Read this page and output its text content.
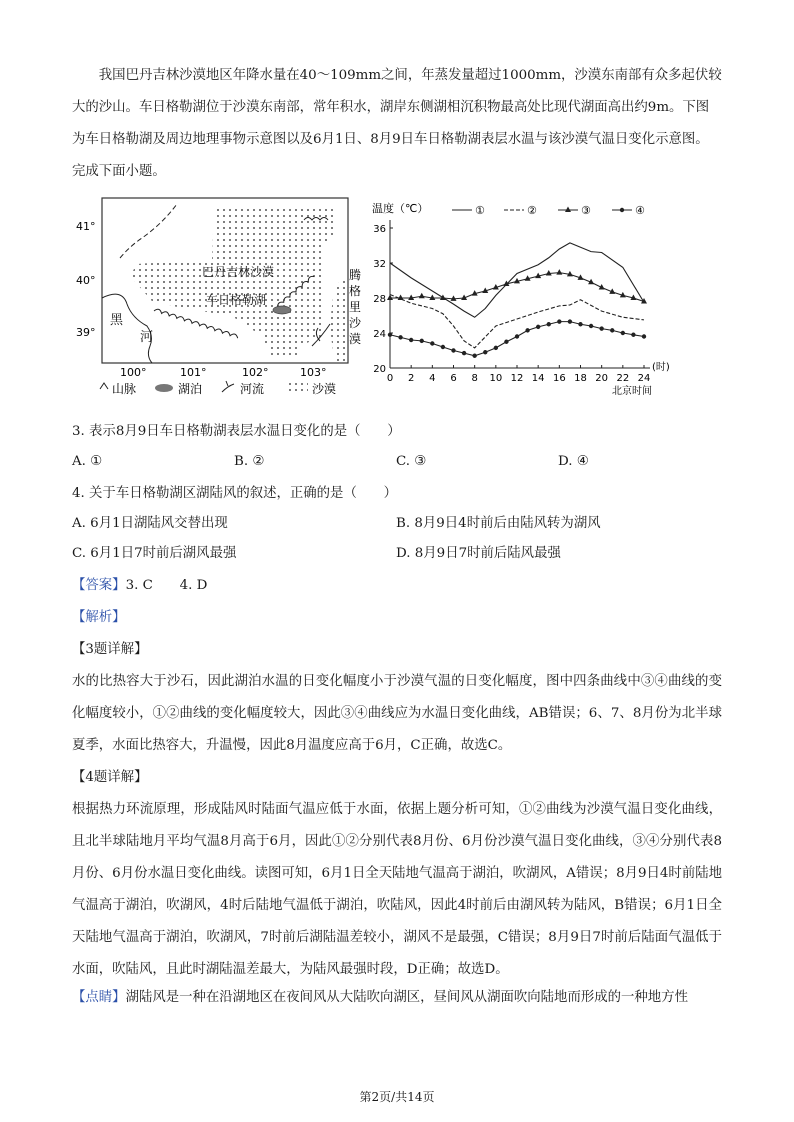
我国巴丹吉林沙漠地区年降水量在40～109mm之间，年蒸发量超过1000mm，沙漠东南部有众多起伏较大的沙山。车日格勒湖位于沙漠东南部，常年积水，湖岸东侧湖相沉积物最高处比现代湖面高出约9m。下图为车日格勒湖及周边地理事物示意图以及6月1日、8月9日车日格勒湖表层水温与该沙漠气温日变化示意图。完成下面小题。

巴丹吉林沙漠
车日格勒湖
黑
河
腾
格
里
沙
漠
41°
40°
39°
100°	101°	102°	103°
山脉	湖泊	河流	沙漠
温度（℃）
20
24
28
32
36
0 2 4 6 8 10 12 14 16 18 20 22 24
(时)
北京时间
①	②	③	④

3. 表示8月9日车日格勒湖表层水温日变化的是（　　）

A. ①	B. ②	C. ③	D. ④

4. 关于车日格勒湖区湖陆风的叙述，正确的是（　　）

A. 6月1日湖陆风交替出现	B. 8月9日4时前后由陆风转为湖风
C. 6月1日7时前后湖风最强	D. 8月9日7时前后陆风最强
【答案】3. C　　4. D
【解析】
【3题详解】

水的比热容大于沙石，因此湖泊水温的日变化幅度小于沙漠气温的日变化幅度，图中四条曲线中③④曲线的变化幅度较小，①②曲线的变化幅度较大，因此③④曲线应为水温日变化曲线，AB错误；6、7、8月份为北半球夏季，水面比热容大，升温慢，因此8月温度应高于6月，C正确，故选C。

【4题详解】

根据热力环流原理，形成陆风时陆面气温应低于水面，依据上题分析可知，①②曲线为沙漠气温日变化曲线，且北半球陆地月平均气温8月高于6月，因此①②分别代表8月份、6月份沙漠气温日变化曲线，③④分别代表8月份、6月份水温日变化曲线。读图可知，6月1日全天陆地气温高于湖泊，吹湖风，A错误；8月9日4时前陆地气温高于湖泊，吹湖风，4时后陆地气温低于湖泊，吹陆风，因此4时前后由湖风转为陆风，B错误；6月1日全天陆地气温高于湖泊，吹湖风，7时前后湖陆温差较小，湖风不是最强，C错误；8月9日7时前后陆面气温低于水面，吹陆风，且此时湖陆温差最大，为陆风最强时段，D正确；故选D。

【点睛】湖陆风是一种在沿湖地区在夜间风从大陆吹向湖区，昼间风从湖面吹向陆地而形成的一种地方性
第2页/共14页
